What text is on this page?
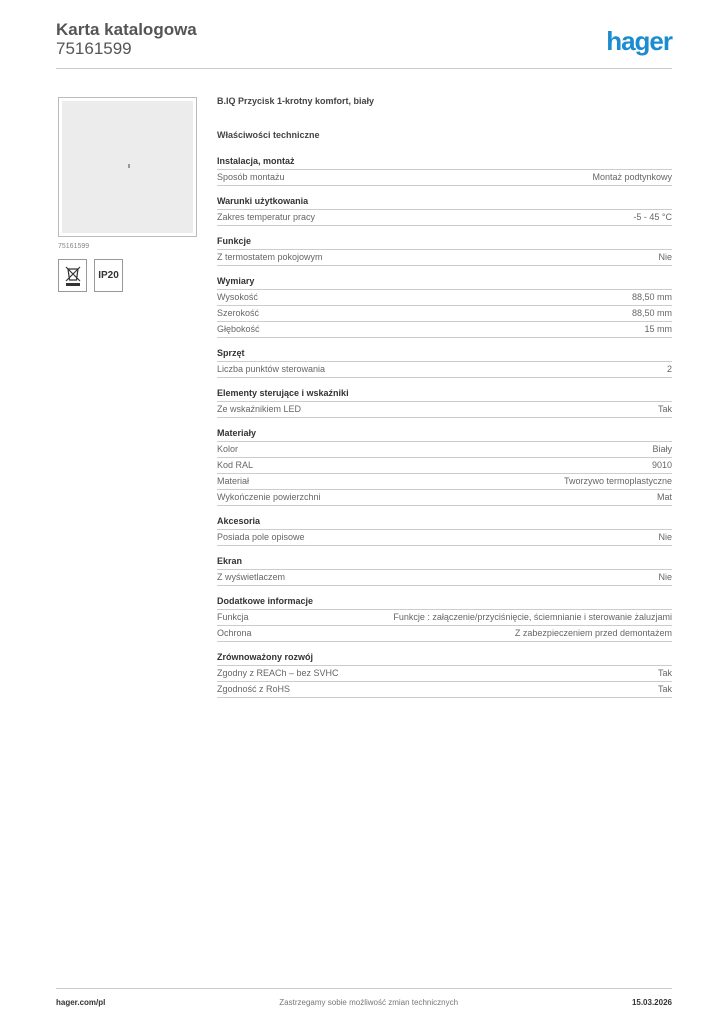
Karta katalogowa
75161599	hager
75161599
IP20
B.IQ Przycisk 1-krotny komfort, biały
Właściwości techniczne
Instalacja, montaż
Sposób montażu	Montaż podtynkowy
Warunki użytkowania
Zakres temperatur pracy	-5 - 45 °C
Funkcje
Z termostatem pokojowym	Nie
Wymiary
Wysokość	88,50 mm
Szerokość	88,50 mm
Głębokość	15 mm
Sprzęt
Liczba punktów sterowania	2
Elementy sterujące i wskaźniki
Ze wskaźnikiem LED	Tak
Materiały
Kolor	Biały
Kod RAL	9010
Materiał	Tworzywo termoplastyczne
Wykończenie powierzchni	Mat
Akcesoria
Posiada pole opisowe	Nie
Ekran
Z wyświetlaczem	Nie
Dodatkowe informacje
Funkcja	Funkcje : załączenie/przyciśnięcie, ściemnianie i sterowanie żaluzjami
Ochrona	Z zabezpieczeniem przed demontażem
Zrównoważony rozwój
Zgodny z REACh – bez SVHC	Tak
Zgodność z RoHS	Tak
hager.com/pl	Zastrzegamy sobie możliwość zmian technicznych	15.03.2026
